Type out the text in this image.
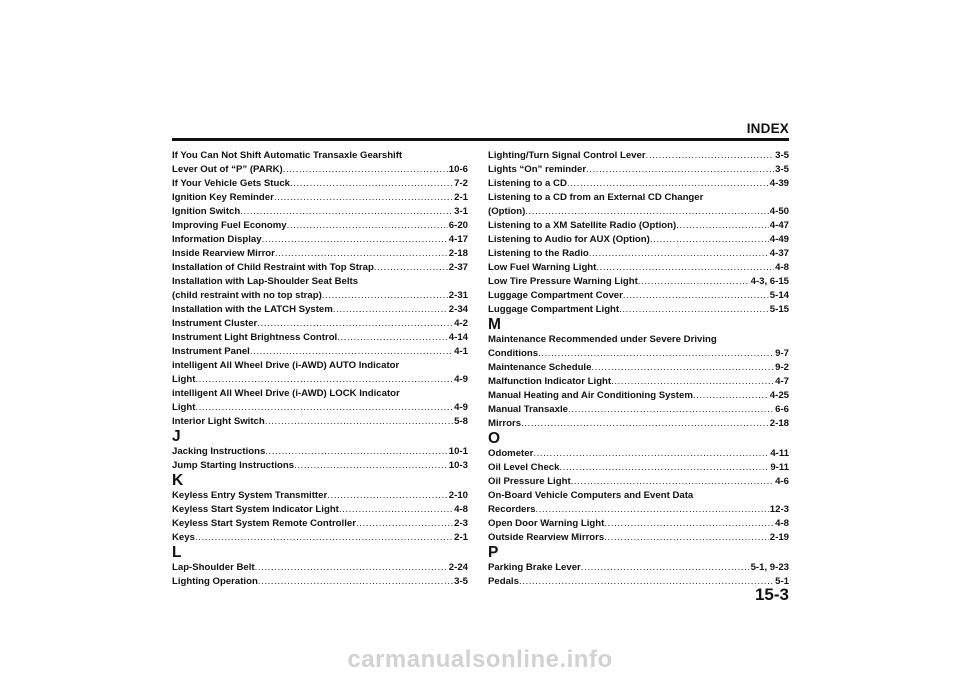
INDEX
If You Can Not Shift Automatic Transaxle Gearshift
Lever Out of “P” (PARK) .....	10-6
If Your Vehicle Gets Stuck .....	7-2
Ignition Key Reminder .....	2-1
Ignition Switch .....	3-1
Improving Fuel Economy .....	6-20
Information Display .....	4-17
Inside Rearview Mirror .....	2-18
Installation of Child Restraint with Top Strap .....	2-37
Installation with Lap-Shoulder Seat Belts
(child restraint with no top strap) .....	2-31
Installation with the LATCH System .....	2-34
Instrument Cluster .....	4-2
Instrument Light Brightness Control .....	4-14
Instrument Panel .....	4-1
intelligent All Wheel Drive (i-AWD) AUTO Indicator
Light .....	4-9
intelligent All Wheel Drive (i-AWD) LOCK Indicator
Light .....	4-9
Interior Light Switch .....	5-8
J
Jacking Instructions .....	10-1
Jump Starting Instructions .....	10-3
K
Keyless Entry System Transmitter .....	2-10
Keyless Start System Indicator Light .....	4-8
Keyless Start System Remote Controller .....	2-3
Keys .....	2-1
L
Lap-Shoulder Belt .....	2-24
Lighting Operation .....	3-5
Lighting/Turn Signal Control Lever .....	3-5
Lights “On” reminder .....	3-5
Listening to a CD .....	4-39
Listening to a CD from an External CD Changer
(Option) .....	4-50
Listening to a XM Satellite Radio (Option) .....	4-47
Listening to Audio for AUX (Option) .....	4-49
Listening to the Radio .....	4-37
Low Fuel Warning Light .....	4-8
Low Tire Pressure Warning Light .....	4-3, 6-15
Luggage Compartment Cover .....	5-14
Luggage Compartment Light .....	5-15
M
Maintenance Recommended under Severe Driving
Conditions .....	9-7
Maintenance Schedule .....	9-2
Malfunction Indicator Light .....	4-7
Manual Heating and Air Conditioning System .....	4-25
Manual Transaxle .....	6-6
Mirrors .....	2-18
O
Odometer .....	4-11
Oil Level Check .....	9-11
Oil Pressure Light .....	4-6
On-Board Vehicle Computers and Event Data
Recorders .....	12-3
Open Door Warning Light .....	4-8
Outside Rearview Mirrors .....	2-19
P
Parking Brake Lever .....	5-1, 9-23
Pedals .....	5-1
15-3
carmanualsonline.info
